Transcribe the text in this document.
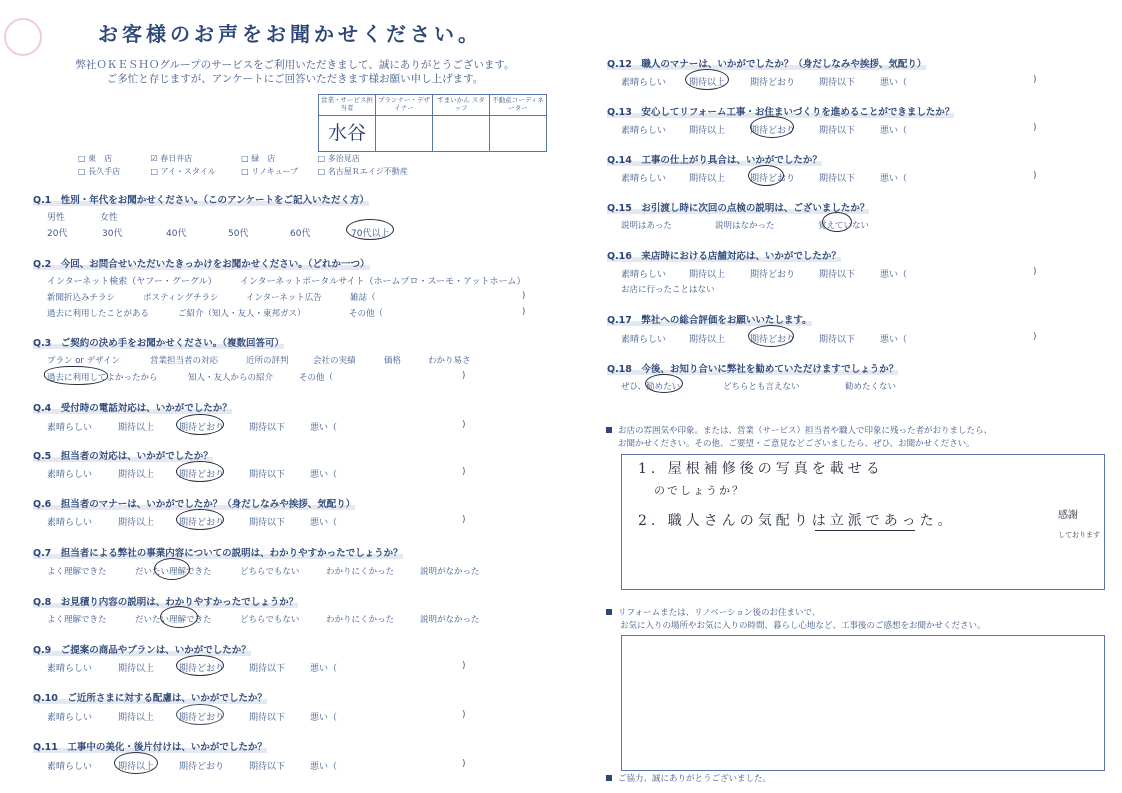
お客様のお声をお聞かせください。
弊社ＯＫＥＳＨＯグループのサービスをご利用いただきまして、誠にありがとうございます。
ご多忙と存じますが、アンケートにご回答いただきます様お願い申し上げます。
営業・サービス担当者	プランナー・デザイナー	すまいかん スタッフ	不動産コーディネーター
水谷			
□ 東　店	☑ 春日井店	□ 緑　店	□ 多治見店
□ 長久手店	□ アイ・スタイル	□ リノキューブ □ 名古屋Ｒエイジ不動産
Q.1　性別・年代をお聞かせください。（このアンケートをご記入いただく方）
男性	女性
20代	30代	40代	50代	60代	70代以上
Q.2　今回、お問合せいただいたきっかけをお聞かせください。（どれか一つ）
インターネット検索（ヤフー・グーグル）	インターネットポータルサイト（ホームプロ・スーモ・アットホーム）
新聞折込みチラシ	ポスティングチラシ	インターネット広告	雑誌（	)
過去に利用したことがある	ご紹介（知人・友人・東邦ガス）	その他（	)
Q.3　ご契約の決め手をお聞かせください。（複数回答可）
プラン or デザイン	営業担当者の対応	近所の評判	会社の実績	価格	わかり易さ
過去に利用してよかったから	知人・友人からの紹介	その他（	)
Q.4　受付時の電話対応は、いかがでしたか？
素晴らしい	期待以上	期待どおり	期待以下	悪い（	)
Q.5　担当者の対応は、いかがでしたか？
素晴らしい	期待以上	期待どおり	期待以下	悪い（	)
Q.6　担当者のマナーは、いかがでしたか？（身だしなみや挨拶、気配り）
素晴らしい	期待以上	期待どおり	期待以下	悪い（	)
Q.7　担当者による弊社の事業内容についての説明は、わかりやすかったでしょうか？
よく理解できた	だいたい理解できた	どちらでもない	わかりにくかった	説明がなかった
Q.8　お見積り内容の説明は、わかりやすかったでしょうか？
よく理解できた	だいたい理解できた	どちらでもない	わかりにくかった	説明がなかった
Q.9　ご提案の商品やプランは、いかがでしたか？
素晴らしい	期待以上	期待どおり	期待以下	悪い（	)
Q.10　ご近所さまに対する配慮は、いかがでしたか？
素晴らしい	期待以上	期待どおり	期待以下	悪い（	)
Q.11　工事中の美化・後片付けは、いかがでしたか？
素晴らしい	期待以上	期待どおり	期待以下	悪い（	)
Q.12　職人のマナーは、いかがでしたか？（身だしなみや挨拶、気配り）
素晴らしい	期待以上	期待どおり	期待以下	悪い（	)
Q.13　安心してリフォーム工事・お住まいづくりを進めることができましたか？
素晴らしい	期待以上	期待どおり	期待以下	悪い（	)
Q.14　工事の仕上がり具合は、いかがでしたか？
素晴らしい	期待以上	期待どおり	期待以下	悪い（	)
Q.15　お引渡し時に次回の点検の説明は、ございましたか？
説明はあった	説明はなかった	覚えていない
Q.16　来店時における店舗対応は、いかがでしたか？
素晴らしい	期待以上	期待どおり	期待以下	悪い（	)
お店に行ったことはない
Q.17　弊社への総合評価をお願いいたします。
素晴らしい	期待以上	期待どおり	期待以下	悪い（	)
Q.18　今後、お知り合いに弊社を勧めていただけますでしょうか？
ぜひ、勧めたい	どちらとも言えない	勧めたくない
お店の雰囲気や印象。または、営業（サービス）担当者や職人で印象に残った者がおりましたら、
お聞かせください。その他、ご要望・ご意見などございましたら、ぜひ、お聞かせください。
1. 屋根補修後の写真を載せる
のでしょうか？
2. 職人さんの気配りは立派であった。	感謝
しております
リフォームまたは、リノベーション後のお住まいで、
お気に入りの場所やお気に入りの時間、暮らし心地など、工事後のご感想をお聞かせください。
ご協力、誠にありがとうございました。
